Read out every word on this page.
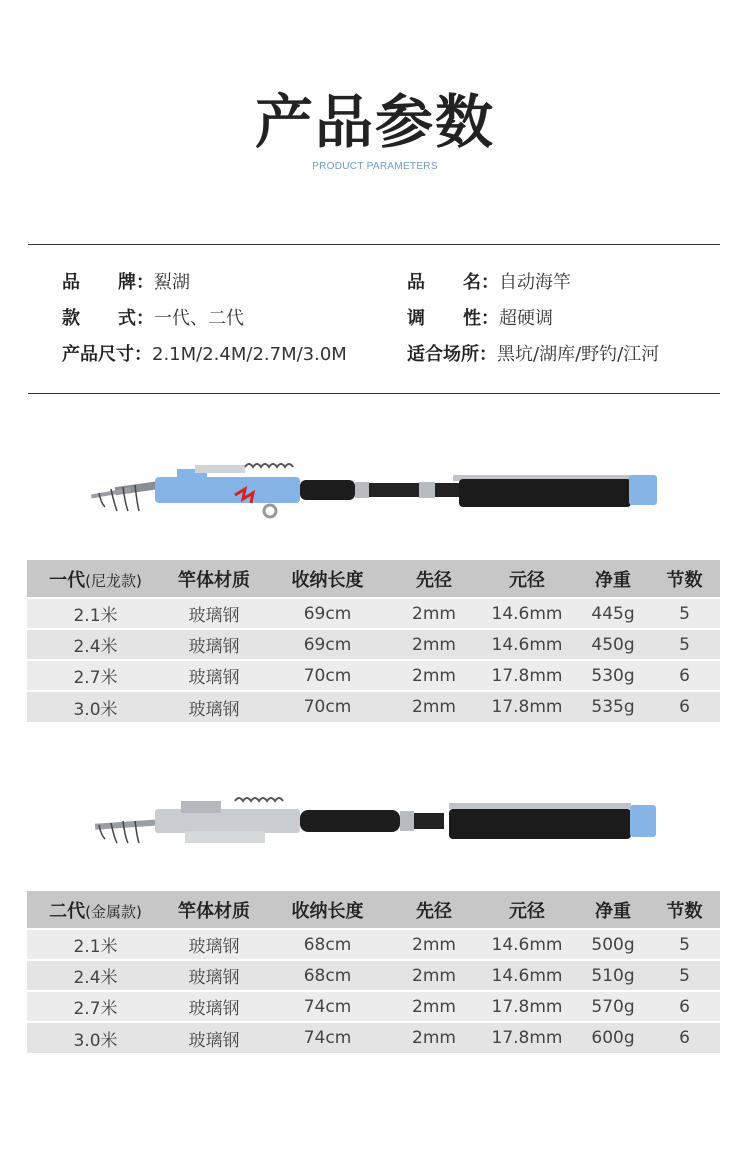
产品参数
PRODUCT PARAMETERS
品牌：鮤湖	品名：自动海竿
款式：一代、二代	调性：超硬调
产品尺寸：2.1M/2.4M/2.7M/3.0M	适合场所：黑坑/湖库/野钓/江河
一代(尼龙款)	竿体材质	收纳长度	先径	元径	净重	节数
2.1米	玻璃钢	69cm	2mm	14.6mm	445g	5
2.4米	玻璃钢	69cm	2mm	14.6mm	450g	5
2.7米	玻璃钢	70cm	2mm	17.8mm	530g	6
3.0米	玻璃钢	70cm	2mm	17.8mm	535g	6
二代(金属款)	竿体材质	收纳长度	先径	元径	净重	节数
2.1米	玻璃钢	68cm	2mm	14.6mm	500g	5
2.4米	玻璃钢	68cm	2mm	14.6mm	510g	5
2.7米	玻璃钢	74cm	2mm	17.8mm	570g	6
3.0米	玻璃钢	74cm	2mm	17.8mm	600g	6
